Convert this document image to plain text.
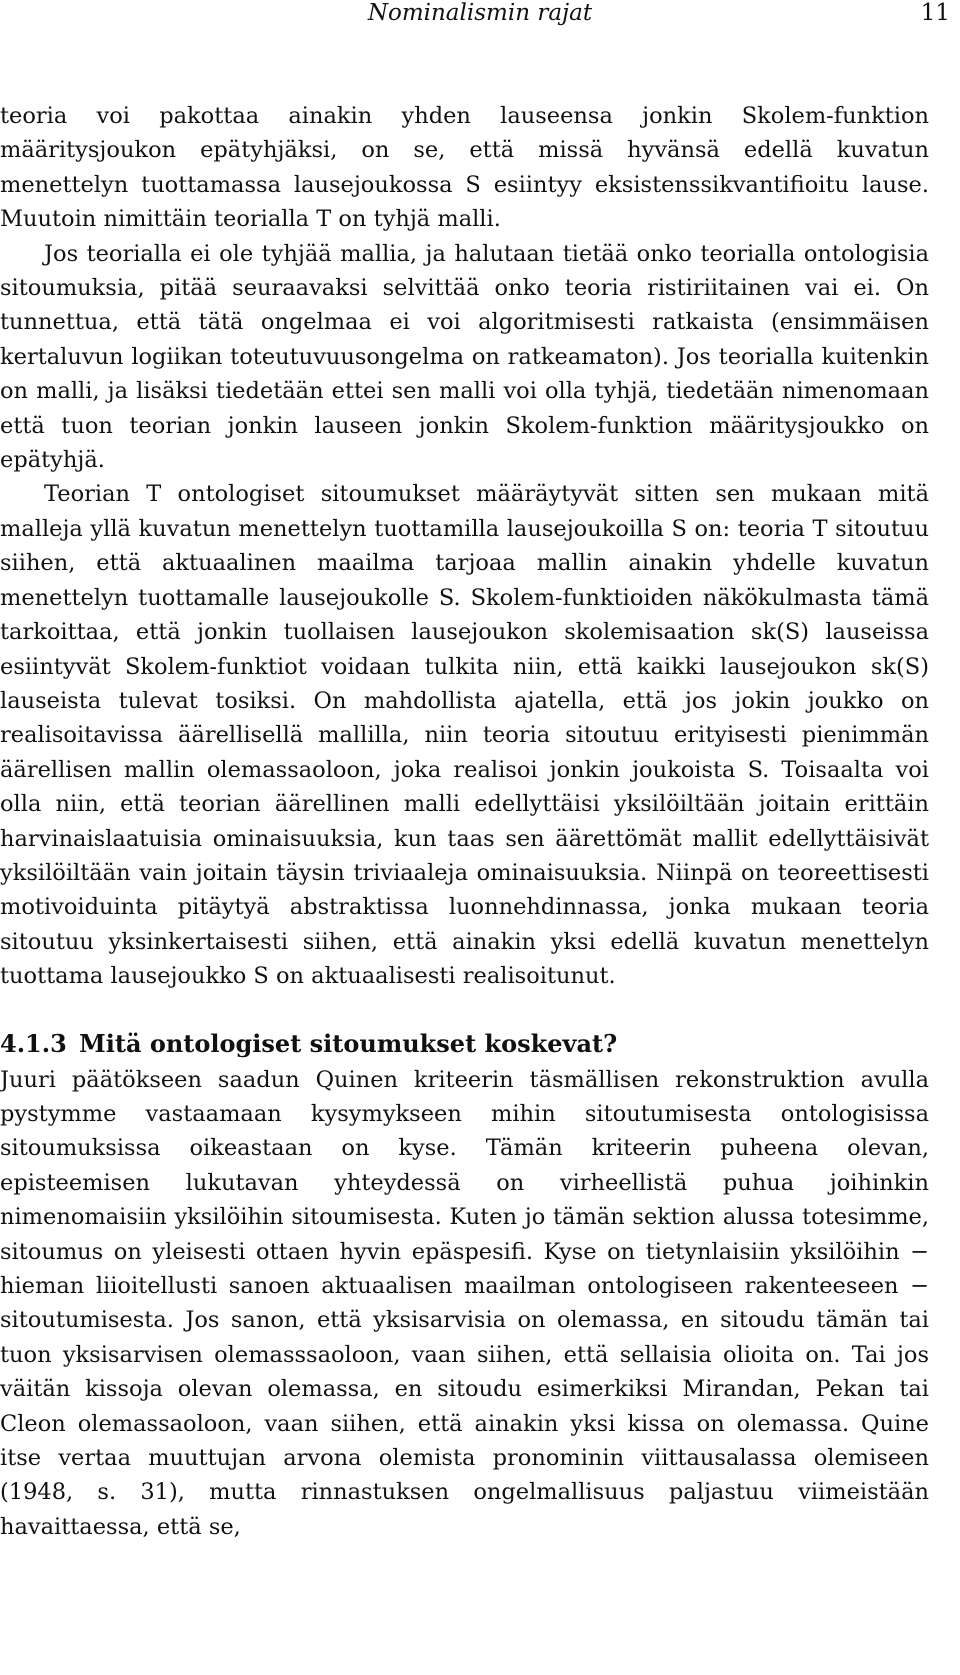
Nominalismin rajat	11

teoria voi pakottaa ainakin yhden lauseensa jonkin Skolem-funktion määritysjoukon epätyhjäksi, on se, että missä hyvänsä edellä kuvatun menettelyn tuottamassa lausejoukossa S esiintyy eksistenssikvantifioitu lause. Muutoin nimittäin teorialla T on tyhjä malli.

Jos teorialla ei ole tyhjää mallia, ja halutaan tietää onko teorialla ontologisia sitoumuksia, pitää seuraavaksi selvittää onko teoria ristiriitainen vai ei. On tunnettua, että tätä ongelmaa ei voi algoritmisesti ratkaista (ensimmäisen kertaluvun logiikan toteutuvuusongelma on ratkeamaton). Jos teorialla kuitenkin on malli, ja lisäksi tiedetään ettei sen malli voi olla tyhjä, tiedetään nimenomaan että tuon teorian jonkin lauseen jonkin Skolem-funktion määritysjoukko on epätyhjä.

Teorian T ontologiset sitoumukset määräytyvät sitten sen mukaan mitä malleja yllä kuvatun menettelyn tuottamilla lausejoukoilla S on: teoria T sitoutuu siihen, että aktuaalinen maailma tarjoaa mallin ainakin yhdelle kuvatun menettelyn tuottamalle lausejoukolle S. Skolem-funktioiden näkökulmasta tämä tarkoittaa, että jonkin tuollaisen lausejoukon skolemisaation sk(S) lauseissa esiintyvät Skolem-funktiot voidaan tulkita niin, että kaikki lausejoukon sk(S) lauseista tulevat tosiksi. On mahdollista ajatella, että jos jokin joukko on realisoitavissa äärellisellä mallilla, niin teoria sitoutuu erityisesti pienimmän äärellisen mallin olemassaoloon, joka realisoi jonkin joukoista S. Toisaalta voi olla niin, että teorian äärellinen malli edellyttäisi yksilöiltään joitain erittäin harvinaislaatuisia ominaisuuksia, kun taas sen äärettömät mallit edellyttäisivät yksilöiltään vain joitain täysin triviaaleja ominaisuuksia. Niinpä on teoreettisesti motivoiduinta pitäytyä abstraktissa luonnehdinnassa, jonka mukaan teoria sitoutuu yksinkertaisesti siihen, että ainakin yksi edellä kuvatun menettelyn tuottama lausejoukko S on aktuaalisesti realisoitunut.

4.1.3 Mitä ontologiset sitoumukset koskevat?

Juuri päätökseen saadun Quinen kriteerin täsmällisen rekonstruktion avulla pystymme vastaamaan kysymykseen mihin sitoutumisesta ontologisissa sitoumuksissa oikeastaan on kyse. Tämän kriteerin puheena olevan, episteemisen lukutavan yhteydessä on virheellistä puhua joihinkin nimenomaisiin yksilöihin sitoumisesta. Kuten jo tämän sektion alussa totesimme, sitoumus on yleisesti ottaen hyvin epäspesifi. Kyse on tietynlaisiin yksilöihin − hieman liioitellusti sanoen aktuaalisen maailman ontologiseen rakenteeseen − sitoutumisesta. Jos sanon, että yksisarvisia on olemassa, en sitoudu tämän tai tuon yksisarvisen olemasssaoloon, vaan siihen, että sellaisia olioita on. Tai jos väitän kissoja olevan olemassa, en sitoudu esimerkiksi Mirandan, Pekan tai Cleon olemassaoloon, vaan siihen, että ainakin yksi kissa on olemassa. Quine itse vertaa muuttujan arvona olemista pronominin viittausalassa olemiseen (1948, s. 31), mutta rinnastuksen ongelmallisuus paljastuu viimeistään havaittaessa, että se,
